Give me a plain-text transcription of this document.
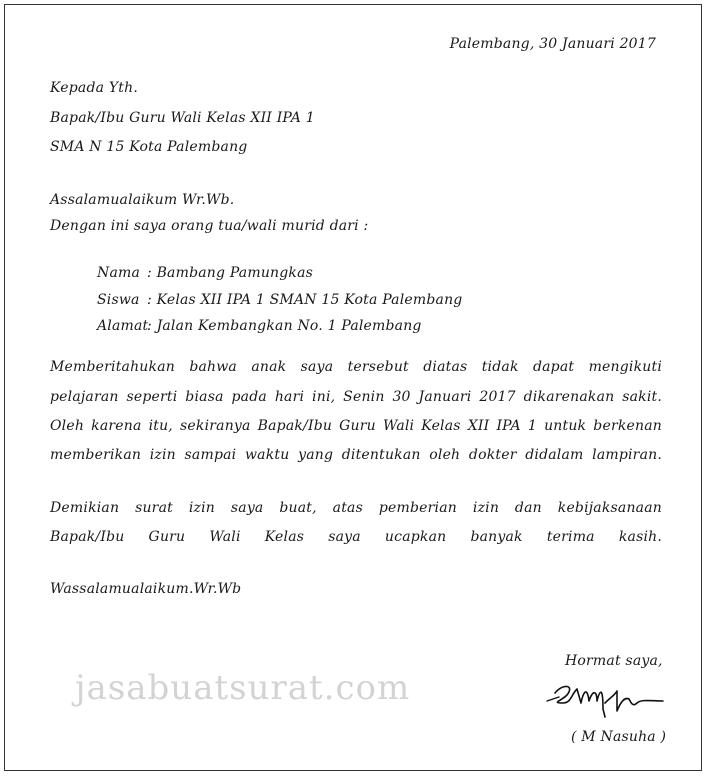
Palembang, 30 Januari 2017
Kepada Yth.
Bapak/Ibu Guru Wali Kelas XII IPA 1
SMA N 15 Kota Palembang
Assalamualaikum Wr.Wb.
Dengan ini saya orang tua/wali murid dari :
Nama : Bambang Pamungkas
Siswa : Kelas XII IPA 1 SMAN 15 Kota Palembang
Alamat
: Jalan Kembangkan No. 1 Palembang
Memberitahukan bahwa anak saya tersebut diatas tidak dapat mengikuti
pelajaran seperti biasa pada hari ini, Senin 30 Januari 2017 dikarenakan sakit.
Oleh karena itu, sekiranya Bapak/Ibu Guru Wali Kelas XII IPA 1 untuk berkenan
memberikan izin sampai waktu yang ditentukan oleh dokter didalam lampiran.
Demikian surat izin saya buat, atas pemberian izin dan kebijaksanaan
Bapak/Ibu Guru Wali Kelas saya ucapkan banyak terima kasih.
Wassalamualaikum.Wr.Wb
jasabuatsurat.com
Hormat saya,
( M Nasuha )
